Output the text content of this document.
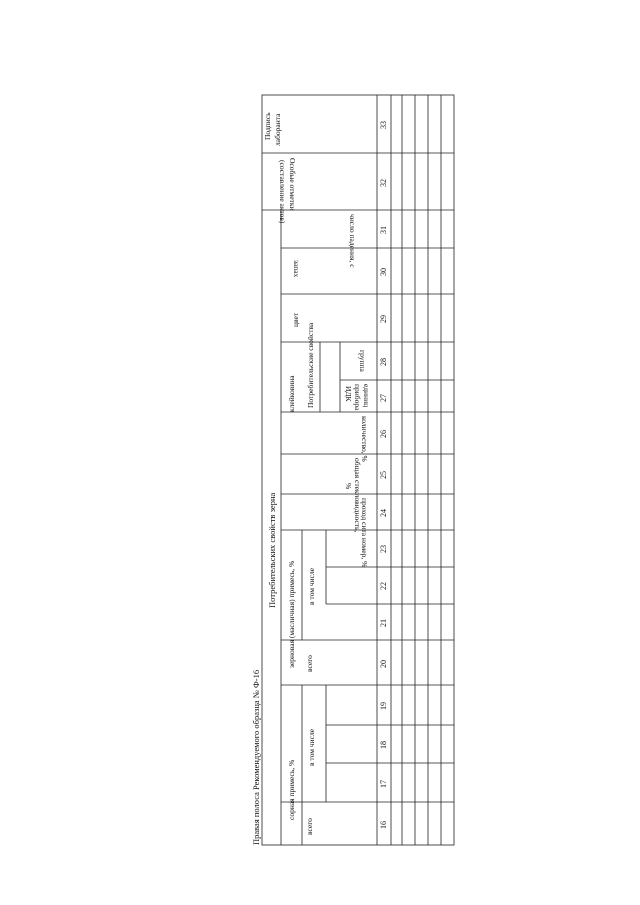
Правая полоса Рекомендуемого образца № Ф-16
Потребительских свойств зерна
сорная примесь, %
зерновая (масличная) примесь, %
клейковина Потребительские свойства
всего
в том числе
всего
в том числе
проход сита номер, %
общая стекловидность,
%
количество, %
единиц
прибора
ИДК
группа
цвет
запах
число падения, с
Особые отметки
(составление актов)
Подпись лаборанта
16
17
18
19
20
21
22
23
24
25
26
27
28
29
30
31
32
33
